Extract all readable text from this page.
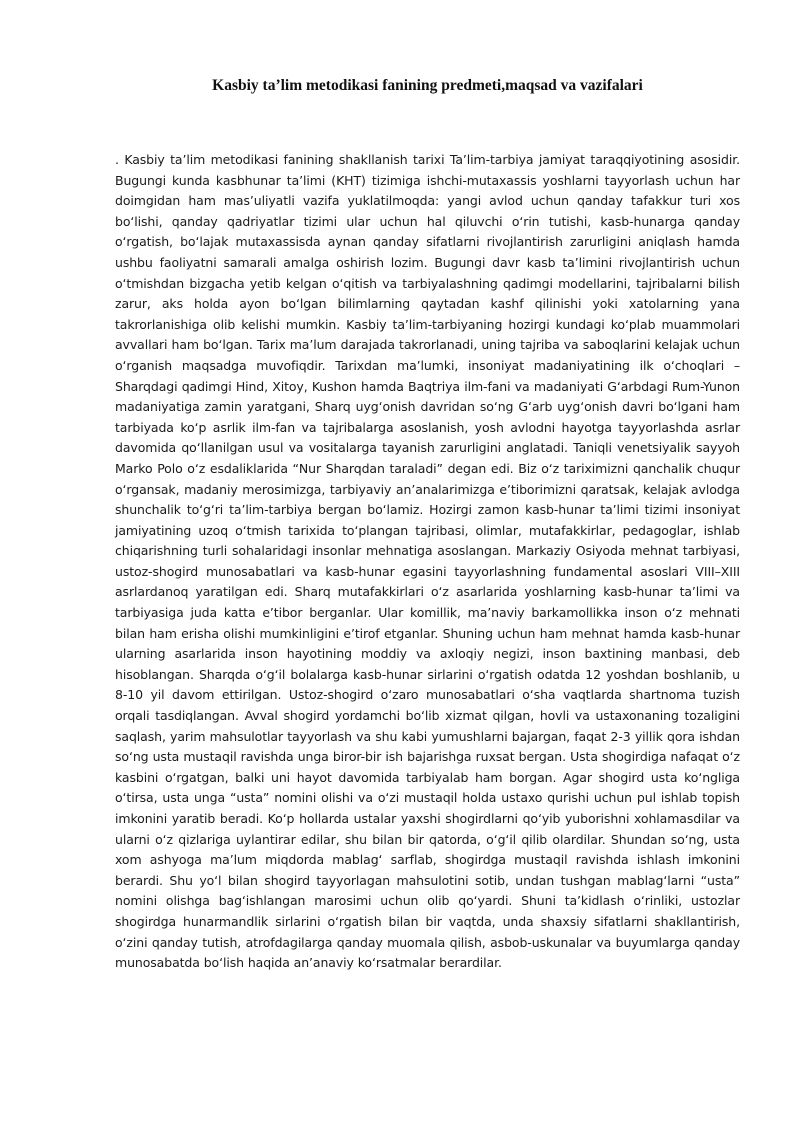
Kasbiy ta’lim metodikasi fanining predmeti,maqsad va vazifalari

. Kasbiy ta’lim metodikasi fanining shakllanish tarixi Ta’lim-tarbiya jamiyat taraqqiyotining asosidir. Bugungi kunda kasbhunar ta’limi (KHT) tizimiga ishchi-mutaxassis yoshlarni tayyorlash uchun har doimgidan ham mas’uliyatli vazifa yuklatilmoqda: yangi avlod uchun qanday tafakkur turi xos bo‘lishi, qanday qadriyatlar tizimi ular uchun hal qiluvchi o‘rin tutishi, kasb-hunarga qanday o‘rgatish, bo‘lajak mutaxassisda aynan qanday sifatlarni rivojlantirish zarurligini aniqlash hamda ushbu faoliyatni samarali amalga oshirish lozim. Bugungi davr kasb ta’limini rivojlantirish uchun o‘tmishdan bizgacha yetib kelgan o‘qitish va tarbiyalashning qadimgi modellarini, tajribalarni bilish zarur, aks holda ayon bo‘lgan bilimlarning qaytadan kashf qilinishi yoki xatolarning yana takrorlanishiga olib kelishi mumkin. Kasbiy ta’lim-tarbiyaning hozirgi kundagi ko‘plab muammolari avvallari ham bo‘lgan. Tarix ma’lum darajada takrorlanadi, uning tajriba va saboqlarini kelajak uchun o‘rganish maqsadga muvofiqdir. Tarixdan ma’lumki, insoniyat madaniyatining ilk o‘choqlari – Sharqdagi qadimgi Hind, Xitoy, Kushon hamda Baqtriya ilm-fani va madaniyati G‘arbdagi Rum-Yunon madaniyatiga zamin yaratgani, Sharq uyg‘onish davridan so‘ng G‘arb uyg‘onish davri bo‘lgani ham tarbiyada ko‘p asrlik ilm-fan va tajribalarga asoslanish, yosh avlodni hayotga tayyorlashda asrlar davomida qo‘llanilgan usul va vositalarga tayanish zarurligini anglatadi. Taniqli venetsiyalik sayyoh Marko Polo o‘z esdaliklarida “Nur Sharqdan taraladi” degan edi. Biz o‘z tariximizni qanchalik chuqur o‘rgansak, madaniy merosimizga, tarbiyaviy an’analarimizga e’tiborimizni qaratsak, kelajak avlodga shunchalik to‘g‘ri ta’lim-tarbiya bergan bo‘lamiz. Hozirgi zamon kasb-hunar ta’limi tizimi insoniyat jamiyatining uzoq o‘tmish tarixida to‘plangan tajribasi, olimlar, mutafakkirlar, pedagoglar, ishlab chiqarishning turli sohalaridagi insonlar mehnatiga asoslangan. Markaziy Osiyoda mehnat tarbiyasi, ustoz-shogird munosabatlari va kasb-hunar egasini tayyorlashning fundamental asoslari VIII–XIII asrlardanoq yaratilgan edi. Sharq mutafakkirlari o‘z asarlarida yoshlarning kasb-hunar ta’limi va tarbiyasiga juda katta e’tibor berganlar. Ular komillik, ma’naviy barkamollikka inson o‘z mehnati bilan ham erisha olishi mumkinligini e’tirof etganlar. Shuning uchun ham mehnat hamda kasb-hunar ularning asarlarida inson hayotining moddiy va axloqiy negizi, inson baxtining manbasi, deb hisoblangan. Sharqda o‘g‘il bolalarga kasb-hunar sirlarini o‘rgatish odatda 12 yoshdan boshlanib, u 8-10 yil davom ettirilgan. Ustoz-shogird o‘zaro munosabatlari o‘sha vaqtlarda shartnoma tuzish orqali tasdiqlangan. Avval shogird yordamchi bo‘lib xizmat qilgan, hovli va ustaxonaning tozaligini saqlash, yarim mahsulotlar tayyorlash va shu kabi yumushlarni bajargan, faqat 2-3 yillik qora ishdan so‘ng usta mustaqil ravishda unga biror-bir ish bajarishga ruxsat bergan. Usta shogirdiga nafaqat o‘z kasbini o‘rgatgan, balki uni hayot davomida tarbiyalab ham borgan. Agar shogird usta ko‘ngliga o‘tirsa, usta unga “usta” nomini olishi va o‘zi mustaqil holda ustaxo qurishi uchun pul ishlab topish imkonini yaratib beradi. Ko‘p hollarda ustalar yaxshi shogirdlarni qo‘yib yuborishni xohlamasdilar va ularni o‘z qizlariga uylantirar edilar, shu bilan bir qatorda, o‘g‘il qilib olardilar. Shundan so‘ng, usta xom ashyoga ma’lum miqdorda mablag‘ sarflab, shogirdga mustaqil ravishda ishlash imkonini berardi. Shu yo‘l bilan shogird tayyorlagan mahsulotini sotib, undan tushgan mablag‘larni “usta” nomini olishga bag‘ishlangan marosimi uchun olib qo‘yardi. Shuni ta’kidlash o‘rinliki, ustozlar shogirdga hunarmandlik sirlarini o‘rgatish bilan bir vaqtda, unda shaxsiy sifatlarni shakllantirish, o‘zini qanday tutish, atrofdagilarga qanday muomala qilish, asbob-uskunalar va buyumlarga qanday munosabatda bo‘lish haqida an’anaviy ko‘rsatmalar berardilar.
